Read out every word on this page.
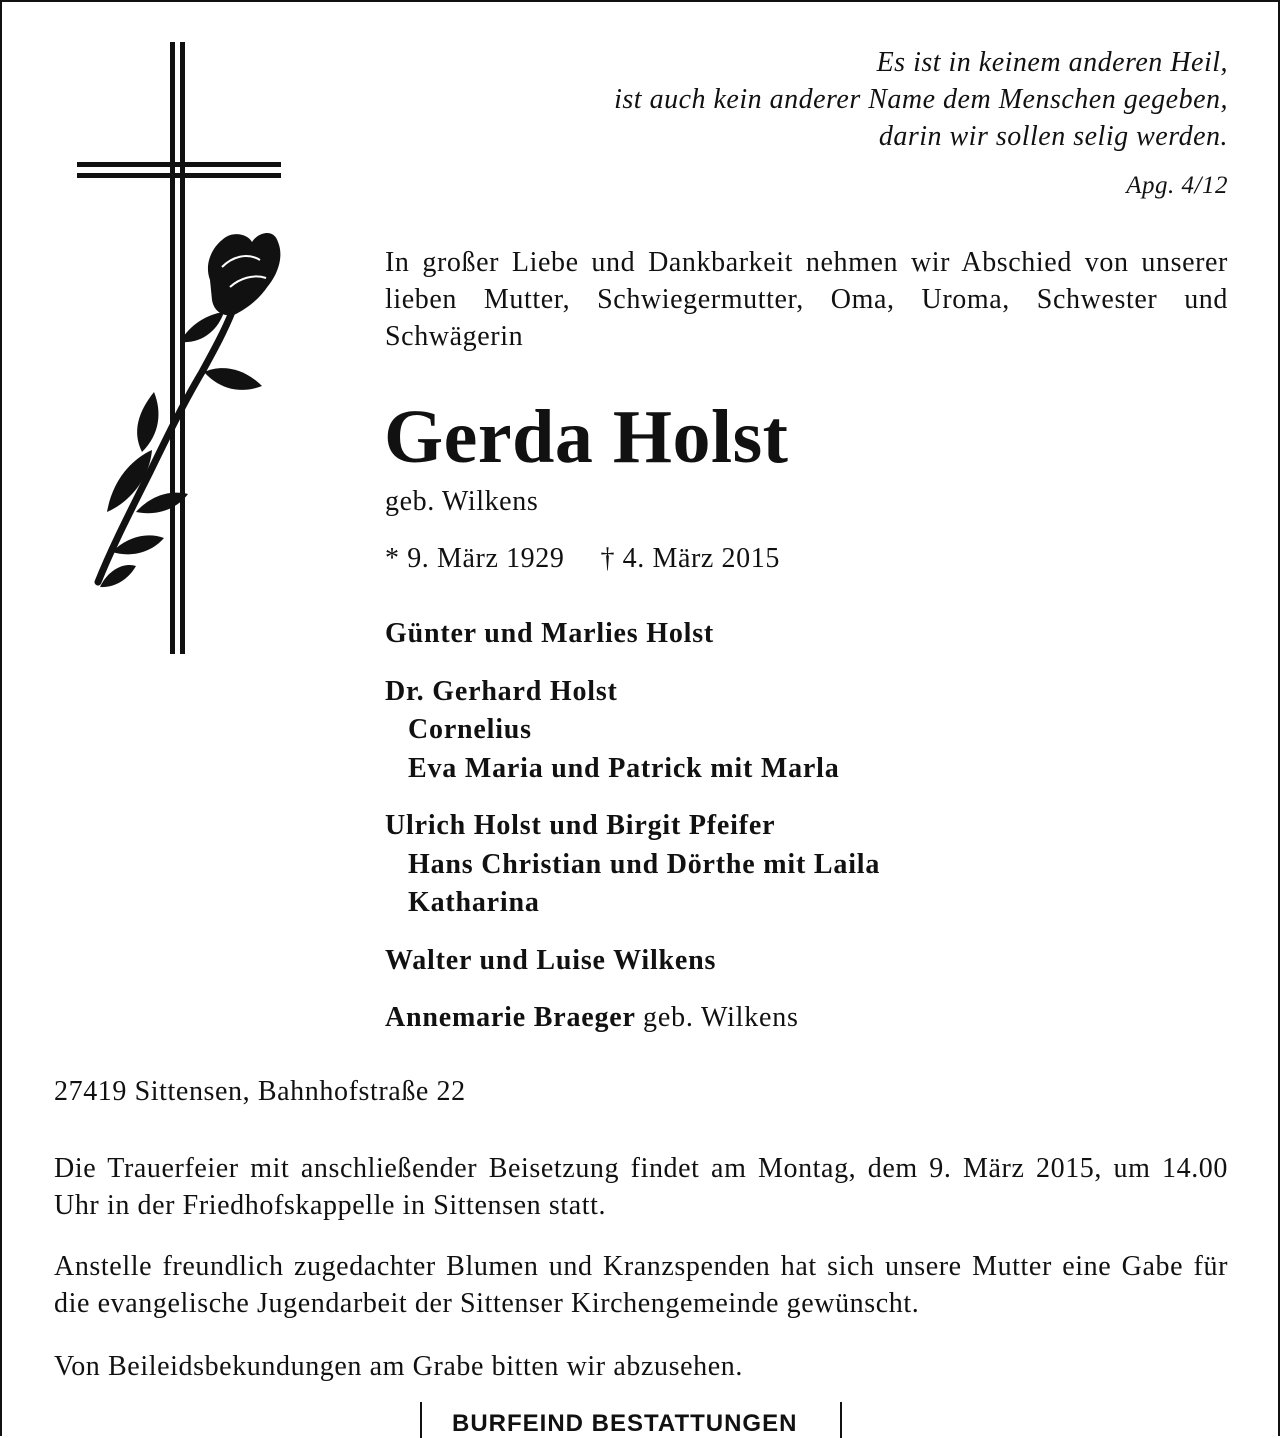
Es ist in keinem anderen Heil,
ist auch kein anderer Name dem Menschen gegeben,
darin wir sollen selig werden.
Apg. 4/12
In großer Liebe und Dankbarkeit nehmen wir Abschied von unserer lieben Mutter, Schwiegermutter, Oma, Uroma, Schwester und Schwägerin
Gerda Holst
geb. Wilkens
* 9. März 1929 † 4. März 2015
Günter und Marlies Holst
Dr. Gerhard Holst
Cornelius
Eva Maria und Patrick mit Marla
Ulrich Holst und Birgit Pfeifer
Hans Christian und Dörthe mit Laila
Katharina
Walter und Luise Wilkens
Annemarie Braeger geb. Wilkens
27419 Sittensen, Bahnhofstraße 22
Die Trauerfeier mit anschließender Beisetzung findet am Montag, dem 9. März 2015, um 14.00 Uhr in der Friedhofskappelle in Sittensen statt.
Anstelle freundlich zugedachter Blumen und Kranzspenden hat sich unsere Mutter eine Gabe für die evangelische Jugendarbeit der Sittenser Kirchengemeinde gewünscht.
Von Beileidsbekundungen am Grabe bitten wir abzusehen.
BURFEIND BESTATTUNGEN
